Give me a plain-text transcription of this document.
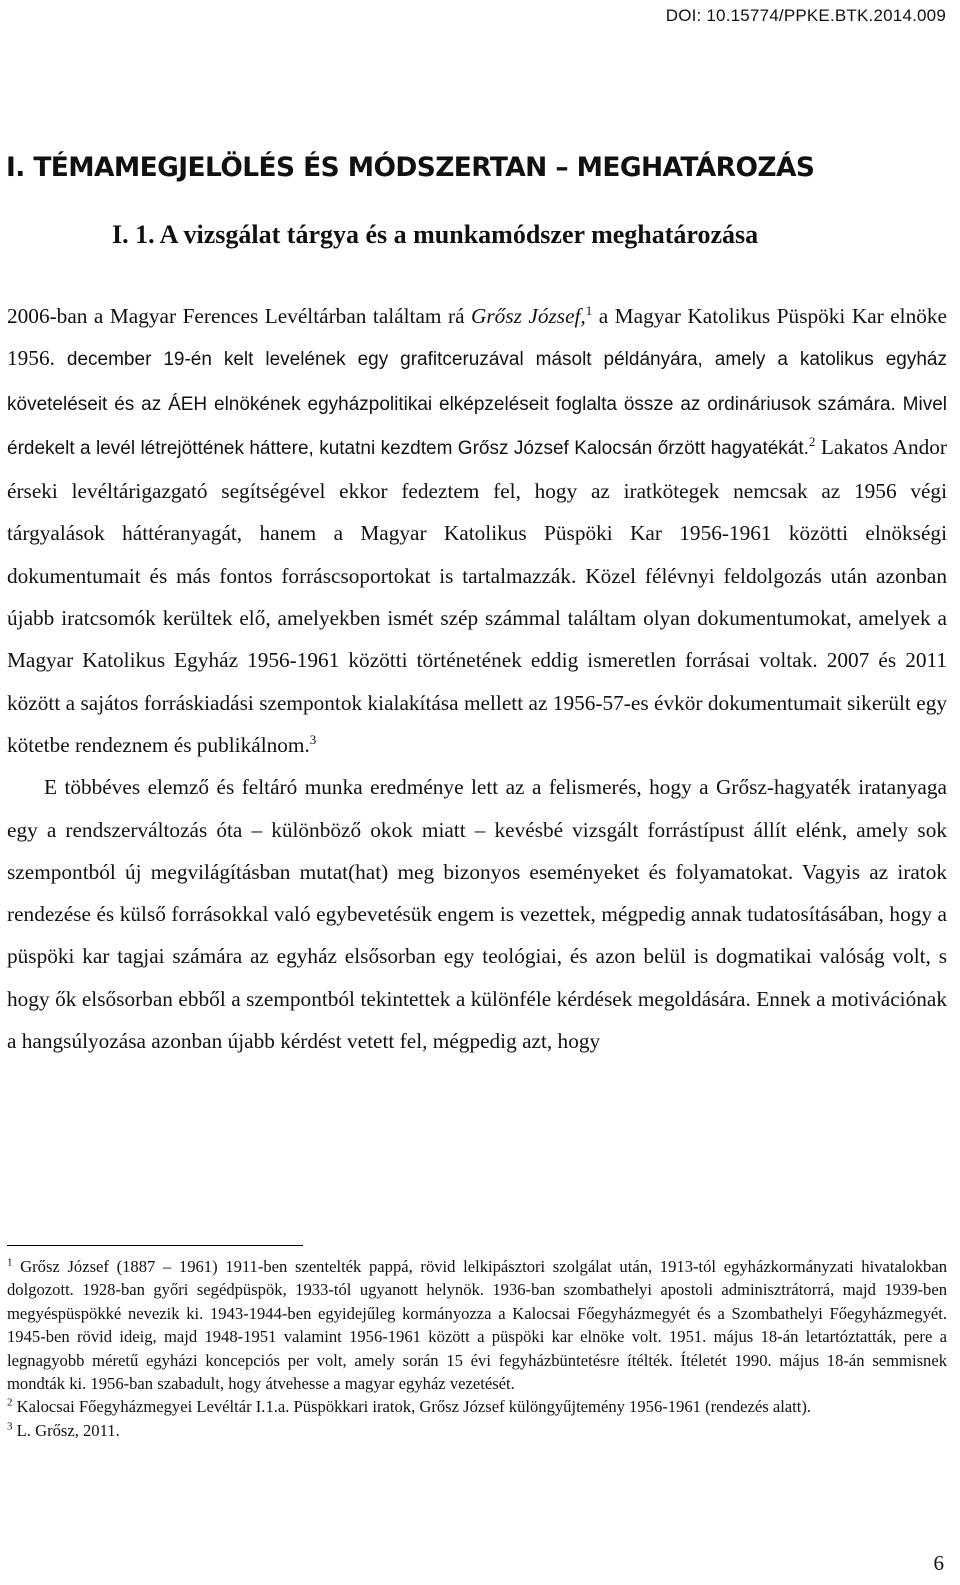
DOI: 10.15774/PPKE.BTK.2014.009
I. TÉMAMEGJELÖLÉS ÉS MÓDSZERTAN – MEGHATÁROZÁS
I. 1. A vizsgálat tárgya és a munkamódszer meghatározása

2006-ban a Magyar Ferences Levéltárban találtam rá Grősz József,$^1$ a Magyar Katolikus Püspöki Kar elnöke 1956. december 19-én kelt levelének egy grafitceruzával másolt példányára, amely a katolikus egyház követeléseit és az ÁEH elnökének egyházpolitikai elképzeléseit foglalta össze az ordináriusok számára. Mivel érdekelt a levél létrejöttének háttere, kutatni kezdtem Grősz József Kalocsán őrzött hagyatékát.$^2$ Lakatos Andor érseki levéltárigazgató segítségével ekkor fedeztem fel, hogy az iratkötegek nemcsak az 1956 végi tárgyalások háttéranyagát, hanem a Magyar Katolikus Püspöki Kar 1956-1961 közötti elnökségi dokumentumait és más fontos forráscsoportokat is tartalmazzák. Közel félévnyi feldolgozás után azonban újabb iratcsomók kerültek elő, amelyekben ismét szép számmal találtam olyan dokumentumokat, amelyek a Magyar Katolikus Egyház 1956-1961 közötti történetének eddig ismeretlen forrásai voltak. 2007 és 2011 között a sajátos forráskiadási szempontok kialakítása mellett az 1956-57-es évkör dokumentumait sikerült egy kötetbe rendeznem és publikálnom.$^3$

E többéves elemző és feltáró munka eredménye lett az a felismerés, hogy a Grősz-hagyaték iratanyaga egy a rendszerváltozás óta – különböző okok miatt – kevésbé vizsgált forrástípust állít elénk, amely sok szempontból új megvilágításban mutat(hat) meg bizonyos eseményeket és folyamatokat. Vagyis az iratok rendezése és külső forrásokkal való egybevetésük engem is vezettek, mégpedig annak tudatosításában, hogy a püspöki kar tagjai számára az egyház elsősorban egy teológiai, és azon belül is dogmatikai valóság volt, s hogy ők elsősorban ebből a szempontból tekintettek a különféle kérdések megoldására. Ennek a motivációnak a hangsúlyozása azonban újabb kérdést vetett fel, mégpedig azt, hogy

$^1$ Grősz József (1887 – 1961) 1911-ben szentelték pappá, rövid lelkipásztori szolgálat után, 1913-tól egyházkormányzati hivatalokban dolgozott. 1928-ban győri segédpüspök, 1933-tól ugyanott helynök. 1936-ban szombathelyi apostoli adminisztrátorrá, majd 1939-ben megyéspüspökké nevezik ki. 1943-1944-ben egyidejűleg kormányozza a Kalocsai Főegyházmegyét és a Szombathelyi Főegyházmegyét. 1945-ben rövid ideig, majd 1948-1951 valamint 1956-1961 között a püspöki kar elnöke volt. 1951. május 18-án letartóztatták, pere a legnagyobb méretű egyházi koncepciós per volt, amely során 15 évi fegyházbüntetésre ítélték. Ítéletét 1990. május 18-án semmisnek mondták ki. 1956-ban szabadult, hogy átvehesse a magyar egyház vezetését.

$^2$ Kalocsai Főegyházmegyei Levéltár I.1.a. Püspökkari iratok, Grősz József különgyűjtemény 1956-1961 (rendezés alatt).

$^3$ L. Grősz, 2011.

6
